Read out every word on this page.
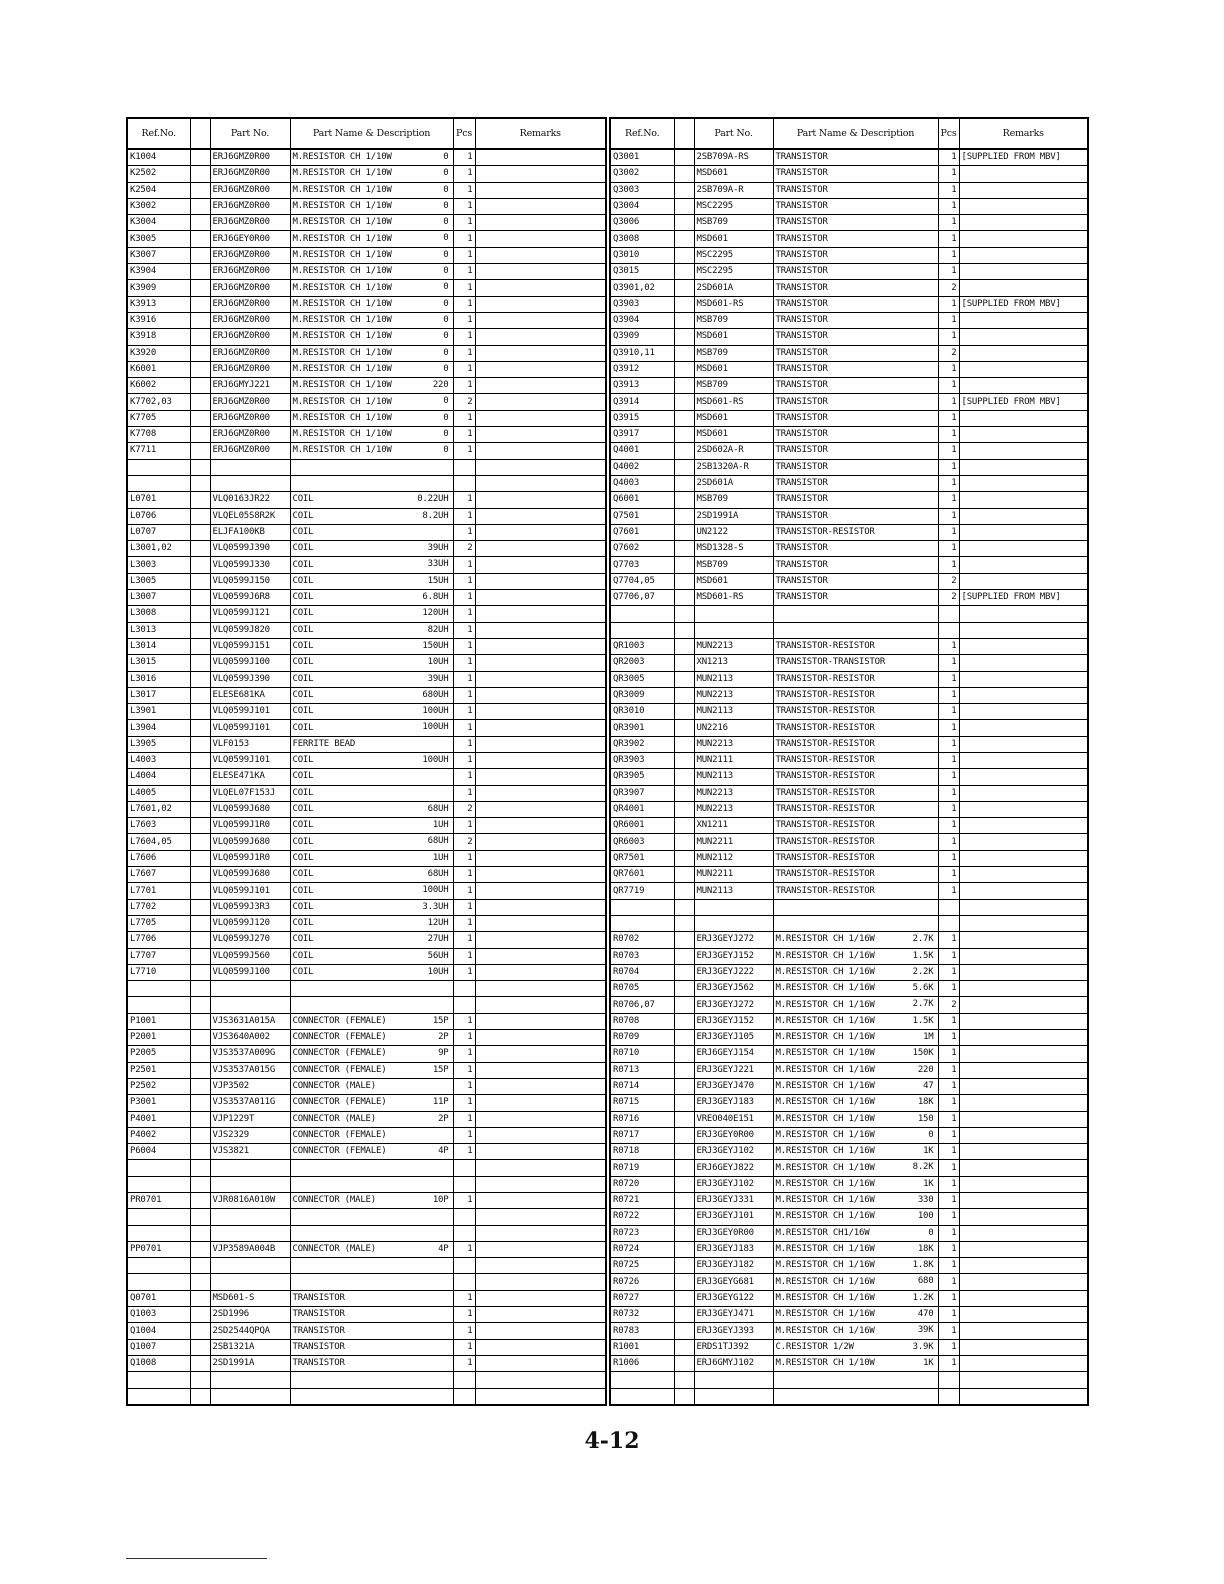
Ref.No.		Part No.	Part Name & Description	Pcs	Remarks
K1004		ERJ6GMZ0R00	M.RESISTOR CH 1/10W 0	1	
K2502		ERJ6GMZ0R00	M.RESISTOR CH 1/10W 0	1	
K2504		ERJ6GMZ0R00	M.RESISTOR CH 1/10W 0	1	
K3002		ERJ6GMZ0R00	M.RESISTOR CH 1/10W 0	1	
K3004		ERJ6GMZ0R00	M.RESISTOR CH 1/10W 0	1	
K3005		ERJ6GEY0R00	M.RESISTOR CH 1/10W 0	1	
K3007		ERJ6GMZ0R00	M.RESISTOR CH 1/10W 0	1	
K3904		ERJ6GMZ0R00	M.RESISTOR CH 1/10W 0	1	
K3909		ERJ6GMZ0R00	M.RESISTOR CH 1/10W 0	1	
K3913		ERJ6GMZ0R00	M.RESISTOR CH 1/10W 0	1	
K3916		ERJ6GMZ0R00	M.RESISTOR CH 1/10W 0	1	
K3918		ERJ6GMZ0R00	M.RESISTOR CH 1/10W 0	1	
K3920		ERJ6GMZ0R00	M.RESISTOR CH 1/10W 0	1	
K6001		ERJ6GMZ0R00	M.RESISTOR CH 1/10W 0	1	
K6002		ERJ6GMYJ221	M.RESISTOR CH 1/10W 220	1	
K7702,03		ERJ6GMZ0R00	M.RESISTOR CH 1/10W 0	2	
K7705		ERJ6GMZ0R00	M.RESISTOR CH 1/10W 0	1	
K7708		ERJ6GMZ0R00	M.RESISTOR CH 1/10W 0	1	
K7711		ERJ6GMZ0R00	M.RESISTOR CH 1/10W 0	1	

L0701		VLQ0163JR22	COIL 0.22UH	1	
L0706		VLQEL05S8R2K	COIL 8.2UH	1	
L0707		ELJFA100KB	COIL	1	
L3001,02		VLQ0599J390	COIL 39UH	2	
L3003		VLQ0599J330	COIL 33UH	1	
L3005		VLQ0599J150	COIL 15UH	1	
L3007		VLQ0599J6R8	COIL 6.8UH	1	
L3008		VLQ0599J121	COIL 120UH	1	
L3013		VLQ0599J820	COIL 82UH	1	
L3014		VLQ0599J151	COIL 150UH	1	
L3015		VLQ0599J100	COIL 10UH	1	
L3016		VLQ0599J390	COIL 39UH	1	
L3017		ELESE681KA	COIL 680UH	1	
L3901		VLQ0599J101	COIL 100UH	1	
L3904		VLQ0599J101	COIL 100UH	1	
L3905		VLF0153	FERRITE BEAD	1	
L4003		VLQ0599J101	COIL 100UH	1	
L4004		ELESE471KA	COIL	1	
L4005		VLQEL07F153J	COIL	1	
L7601,02		VLQ0599J680	COIL 68UH	2	
L7603		VLQ0599J1R0	COIL 1UH	1	
L7604,05		VLQ0599J680	COIL 68UH	2	
L7606		VLQ0599J1R0	COIL 1UH	1	
L7607		VLQ0599J680	COIL 68UH	1	
L7701		VLQ0599J101	COIL 100UH	1	
L7702		VLQ0599J3R3	COIL 3.3UH	1	
L7705		VLQ0599J120	COIL 12UH	1	
L7706		VLQ0599J270	COIL 27UH	1	
L7707		VLQ0599J560	COIL 56UH	1	
L7710		VLQ0599J100	COIL 10UH	1	

P1001		VJS3631A015A	CONNECTOR (FEMALE) 15P	1	
P2001		VJS3640A002	CONNECTOR (FEMALE) 2P	1	
P2005		VJS3537A009G	CONNECTOR (FEMALE) 9P	1	
P2501		VJS3537A015G	CONNECTOR (FEMALE) 15P	1	
P2502		VJP3502	CONNECTOR (MALE)	1	
P3001		VJS3537A011G	CONNECTOR (FEMALE) 11P	1	
P4001		VJP1229T	CONNECTOR (MALE) 2P	1	
P4002		VJS2329	CONNECTOR (FEMALE)	1	
P6004		VJS3821	CONNECTOR (FEMALE) 4P	1	

PR0701		VJR0816A010W	CONNECTOR (MALE) 10P	1	

PP0701		VJP3589A004B	CONNECTOR (MALE) 4P	1	

Q0701		MSD601-S	TRANSISTOR	1	
Q1003		2SD1996	TRANSISTOR	1	
Q1004		2SD2544QPQA	TRANSISTOR	1	
Q1007		2SB1321A	TRANSISTOR	1	
Q1008		2SD1991A	TRANSISTOR	1	

Ref.No.		Part No.	Part Name & Description	Pcs	Remarks
Q3001		2SB709A-RS	TRANSISTOR	1	[SUPPLIED FROM MBV]
Q3002		MSD601	TRANSISTOR	1	
Q3003		2SB709A-R	TRANSISTOR	1	
Q3004		MSC2295	TRANSISTOR	1	
Q3006		MSB709	TRANSISTOR	1	
Q3008		MSD601	TRANSISTOR	1	
Q3010		MSC2295	TRANSISTOR	1	
Q3015		MSC2295	TRANSISTOR	1	
Q3901,02		2SD601A	TRANSISTOR	2	
Q3903		MSD601-RS	TRANSISTOR	1	[SUPPLIED FROM MBV]
Q3904		MSB709	TRANSISTOR	1	
Q3909		MSD601	TRANSISTOR	1	
Q3910,11		MSB709	TRANSISTOR	2	
Q3912		MSD601	TRANSISTOR	1	
Q3913		MSB709	TRANSISTOR	1	
Q3914		MSD601-RS	TRANSISTOR	1	[SUPPLIED FROM MBV]
Q3915		MSD601	TRANSISTOR	1	
Q3917		MSD601	TRANSISTOR	1	
Q4001		2SD602A-R	TRANSISTOR	1	
Q4002		2SB1320A-R	TRANSISTOR	1	
Q4003		2SD601A	TRANSISTOR	1	
Q6001		MSB709	TRANSISTOR	1	
Q7501		2SD1991A	TRANSISTOR	1	
Q7601		UN2122	TRANSISTOR-RESISTOR	1	
Q7602		MSD1328-S	TRANSISTOR	1	
Q7703		MSB709	TRANSISTOR	1	
Q7704,05		MSD601	TRANSISTOR	2	
Q7706,07		MSD601-RS	TRANSISTOR	2	[SUPPLIED FROM MBV]

QR1003		MUN2213	TRANSISTOR-RESISTOR	1	
QR2003		XN1213	TRANSISTOR-TRANSISTOR	1	
QR3005		MUN2113	TRANSISTOR-RESISTOR	1	
QR3009		MUN2213	TRANSISTOR-RESISTOR	1	
QR3010		MUN2113	TRANSISTOR-RESISTOR	1	
QR3901		UN2216	TRANSISTOR-RESISTOR	1	
QR3902		MUN2213	TRANSISTOR-RESISTOR	1	
QR3903		MUN2111	TRANSISTOR-RESISTOR	1	
QR3905		MUN2113	TRANSISTOR-RESISTOR	1	
QR3907		MUN2213	TRANSISTOR-RESISTOR	1	
QR4001		MUN2213	TRANSISTOR-RESISTOR	1	
QR6001		XN1211	TRANSISTOR-RESISTOR	1	
QR6003		MUN2211	TRANSISTOR-RESISTOR	1	
QR7501		MUN2112	TRANSISTOR-RESISTOR	1	
QR7601		MUN2211	TRANSISTOR-RESISTOR	1	
QR7719		MUN2113	TRANSISTOR-RESISTOR	1	

R0702		ERJ3GEYJ272	M.RESISTOR CH 1/16W 2.7K	1	
R0703		ERJ3GEYJ152	M.RESISTOR CH 1/16W 1.5K	1	
R0704		ERJ3GEYJ222	M.RESISTOR CH 1/16W 2.2K	1	
R0705		ERJ3GEYJ562	M.RESISTOR CH 1/16W 5.6K	1	
R0706,07		ERJ3GEYJ272	M.RESISTOR CH 1/16W 2.7K	2	
R0708		ERJ3GEYJ152	M.RESISTOR CH 1/16W 1.5K	1	
R0709		ERJ3GEYJ105	M.RESISTOR CH 1/16W 1M	1	
R0710		ERJ6GEYJ154	M.RESISTOR CH 1/10W 150K	1	
R0713		ERJ3GEYJ221	M.RESISTOR CH 1/16W 220	1	
R0714		ERJ3GEYJ470	M.RESISTOR CH 1/16W 47	1	
R0715		ERJ3GEYJ183	M.RESISTOR CH 1/16W 18K	1	
R0716		VREO040E151	M.RESISTOR CH 1/10W 150	1	
R0717		ERJ3GEY0R00	M.RESISTOR CH 1/16W 0	1	
R0718		ERJ3GEYJ102	M.RESISTOR CH 1/16W 1K	1	
R0719		ERJ6GEYJ822	M.RESISTOR CH 1/10W 8.2K	1	
R0720		ERJ3GEYJ102	M.RESISTOR CH 1/16W 1K	1	
R0721		ERJ3GEYJ331	M.RESISTOR CH 1/16W 330	1	
R0722		ERJ3GEYJ101	M.RESISTOR CH 1/16W 100	1	
R0723		ERJ3GEY0R00	M.RESISTOR CH1/16W 0	1	
R0724		ERJ3GEYJ183	M.RESISTOR CH 1/16W 18K	1	
R0725		ERJ3GEYJ182	M.RESISTOR CH 1/16W 1.8K	1	
R0726		ERJ3GEYG681	M.RESISTOR CH 1/16W 680	1	
R0727		ERJ3GEYG122	M.RESISTOR CH 1/16W 1.2K	1	
R0732		ERJ3GEYJ471	M.RESISTOR CH 1/16W 470	1	
R0783		ERJ3GEYJ393	M.RESISTOR CH 1/16W 39K	1	
R1001		ERDS1TJ392	C.RESISTOR 1/2W 3.9K	1	
R1006		ERJ6GMYJ102	M.RESISTOR CH 1/10W 1K	1	

4-12
